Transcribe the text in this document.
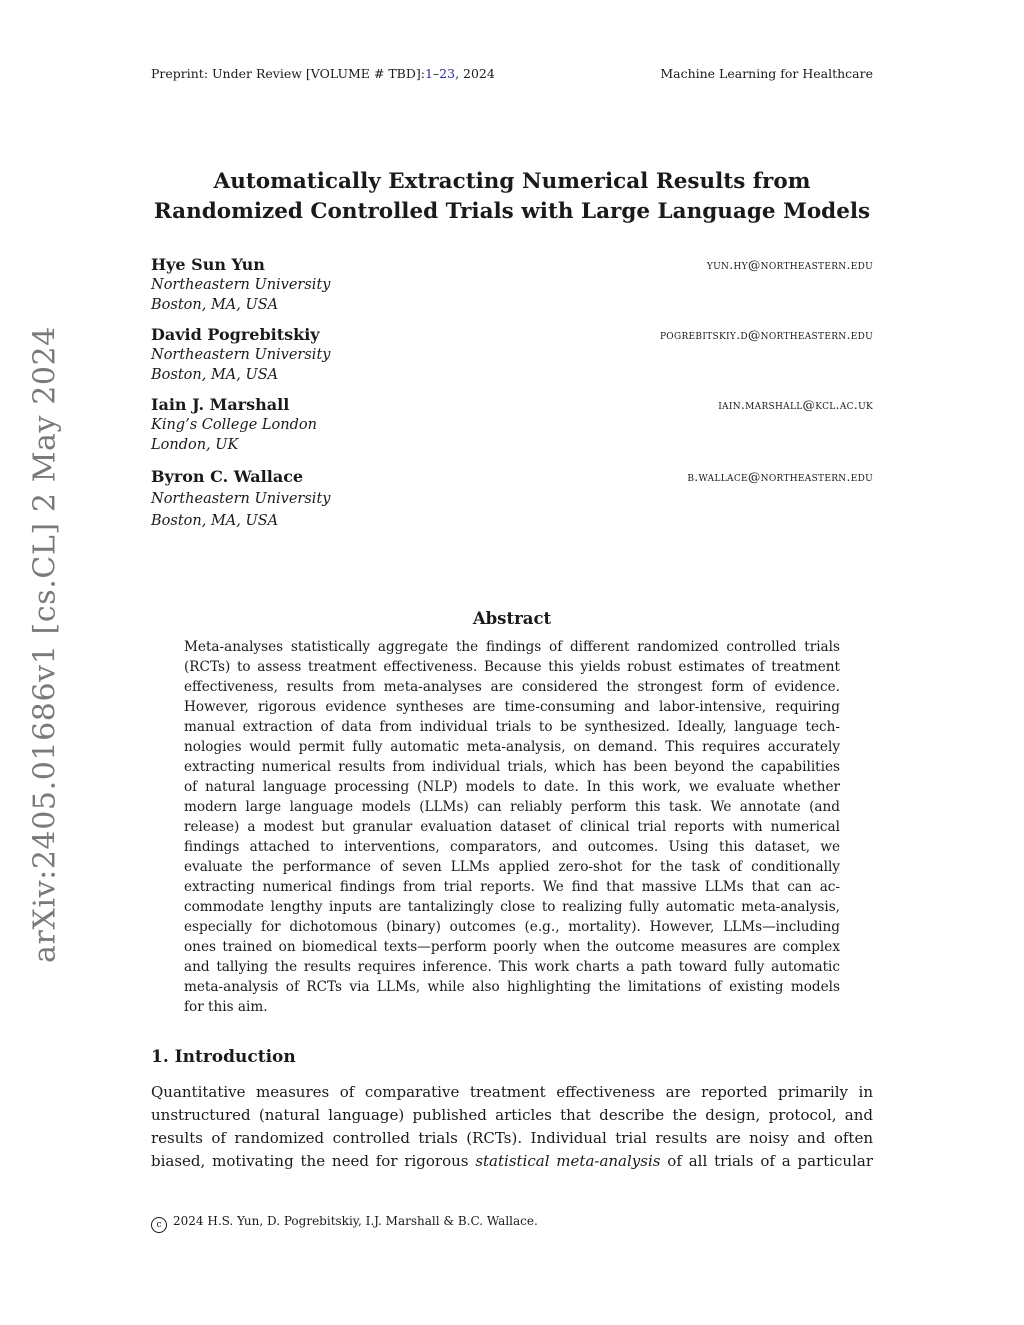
Preprint: Under Review [VOLUME # TBD]:1–23, 2024	Machine Learning for Healthcare
arXiv:2405.01686v1 [cs.CL] 2 May 2024
Automatically Extracting Numerical Results from
Randomized Controlled Trials with Large Language Models
Hye Sun Yun	yun.hy@northeastern.edu
Northeastern University
Boston, MA, USA
David Pogrebitskiy	pogrebitskiy.d@northeastern.edu
Northeastern University
Boston, MA, USA
Iain J. Marshall	iain.marshall@kcl.ac.uk
King’s College London
London, UK
Byron C. Wallace	b.wallace@northeastern.edu
Northeastern University
Boston, MA, USA
Abstract
Meta-analyses statistically aggregate the findings of different randomized controlled trials
(RCTs) to assess treatment effectiveness. Because this yields robust estimates of treatment
effectiveness, results from meta-analyses are considered the strongest form of evidence.
However, rigorous evidence syntheses are time-consuming and labor-intensive, requiring
manual extraction of data from individual trials to be synthesized. Ideally, language tech-
nologies would permit fully automatic meta-analysis, on demand. This requires accurately
extracting numerical results from individual trials, which has been beyond the capabilities
of natural language processing (NLP) models to date. In this work, we evaluate whether
modern large language models (LLMs) can reliably perform this task. We annotate (and
release) a modest but granular evaluation dataset of clinical trial reports with numerical
findings attached to interventions, comparators, and outcomes. Using this dataset, we
evaluate the performance of seven LLMs applied zero-shot for the task of conditionally
extracting numerical findings from trial reports. We find that massive LLMs that can ac-
commodate lengthy inputs are tantalizingly close to realizing fully automatic meta-analysis,
especially for dichotomous (binary) outcomes (e.g., mortality). However, LLMs—including
ones trained on biomedical texts—perform poorly when the outcome measures are complex
and tallying the results requires inference. This work charts a path toward fully automatic
meta-analysis of RCTs via LLMs, while also highlighting the limitations of existing models
for this aim.
1. Introduction
Quantitative measures of comparative treatment effectiveness are reported primarily in
unstructured (natural language) published articles that describe the design, protocol, and
results of randomized controlled trials (RCTs). Individual trial results are noisy and often
biased, motivating the need for rigorous statistical meta-analysis of all trials of a particular
c 2024 H.S. Yun, D. Pogrebitskiy, I.J. Marshall & B.C. Wallace.
